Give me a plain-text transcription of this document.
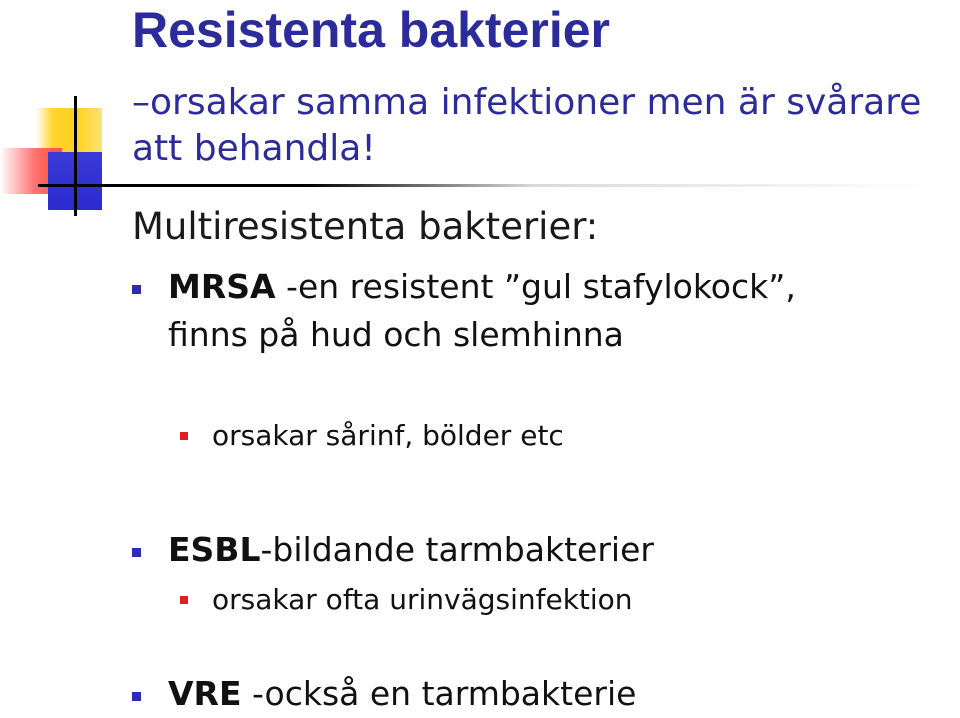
Resistenta bakterier

–orsakar samma infektioner men är svårare att behandla!

Multiresistenta bakterier:

MRSA -en resistent ”gul stafylokock”, finns på hud och slemhinna
orsakar sårinf, bölder etc
ESBL-bildande tarmbakterier
orsakar ofta urinvägsinfektion
VRE -också en tarmbakterie
